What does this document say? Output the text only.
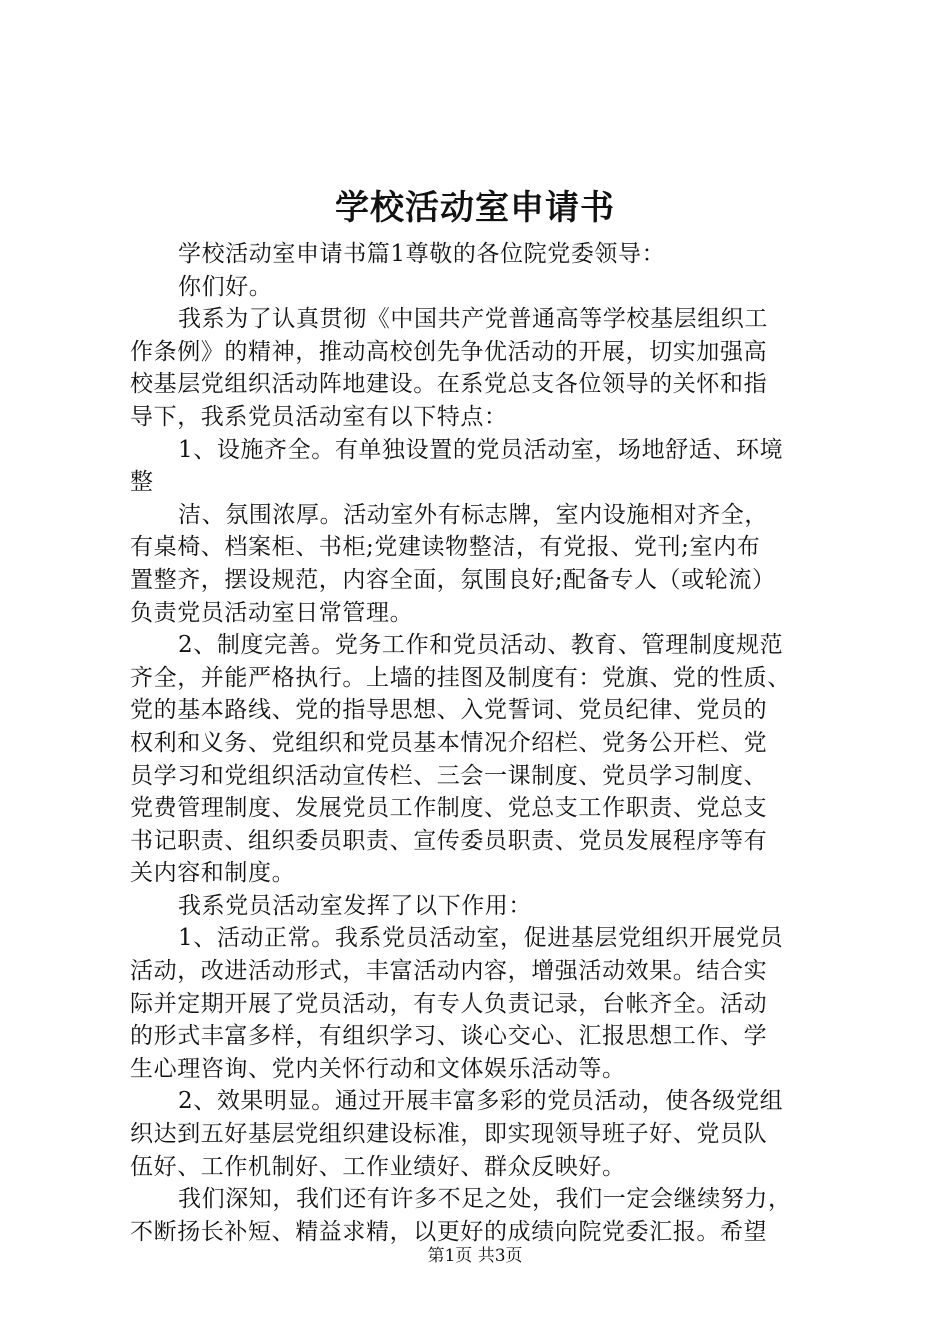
学校活动室申请书
学校活动室申请书篇1尊敬的各位院党委领导：
你们好。
我系为了认真贯彻《中国共产党普通高等学校基层组织工
作条例》的精神，推动高校创先争优活动的开展，切实加强高
校基层党组织活动阵地建设。在系党总支各位领导的关怀和指
导下，我系党员活动室有以下特点：
1、设施齐全。有单独设置的党员活动室，场地舒适、环境
整
洁、氛围浓厚。活动室外有标志牌，室内设施相对齐全，
有桌椅、档案柜、书柜;党建读物整洁，有党报、党刊;室内布
置整齐，摆设规范，内容全面，氛围良好;配备专人（或轮流）
负责党员活动室日常管理。
2、制度完善。党务工作和党员活动、教育、管理制度规范
齐全，并能严格执行。上墙的挂图及制度有：党旗、党的性质、
党的基本路线、党的指导思想、入党誓词、党员纪律、党员的
权利和义务、党组织和党员基本情况介绍栏、党务公开栏、党
员学习和党组织活动宣传栏、三会一课制度、党员学习制度、
党费管理制度、发展党员工作制度、党总支工作职责、党总支
书记职责、组织委员职责、宣传委员职责、党员发展程序等有
关内容和制度。
我系党员活动室发挥了以下作用：
1、活动正常。我系党员活动室，促进基层党组织开展党员
活动，改进活动形式，丰富活动内容，增强活动效果。结合实
际并定期开展了党员活动，有专人负责记录，台帐齐全。活动
的形式丰富多样，有组织学习、谈心交心、汇报思想工作、学
生心理咨询、党内关怀行动和文体娱乐活动等。
2、效果明显。通过开展丰富多彩的党员活动，使各级党组
织达到五好基层党组织建设标准，即实现领导班子好、党员队
伍好、工作机制好、工作业绩好、群众反映好。
我们深知，我们还有许多不足之处，我们一定会继续努力，
不断扬长补短、精益求精，以更好的成绩向院党委汇报。希望
第1页 共3页
